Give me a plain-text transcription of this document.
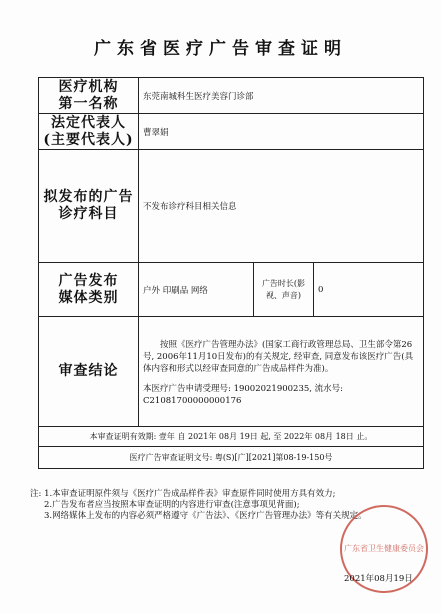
广东省医疗广告审查证明
医疗机构
第一名称	东莞南城科生医疗美容门诊部		

法定代表人
(主要代表人)	曹翠娟		

拟发布的广告
诊疗科目	不发布诊疗科目相关信息		

广告发布
媒体类别	户外 印刷品 网络	广告时长(影视、声音)	0
审查结论	按照《医疗广告管理办法》(国家工商行政管理总局、卫生部令第26号, 2006年11月10日发布)的有关规定, 经审查, 同意发布该医疗广告(具体内容和形式以经审查同意的广告成品样件为准)。
本医疗广告申请受理号: 19002021900235, 流水号: C21081700000000176		

本审查证明有效期: 壹年 自 2021年 08月 19日 起, 至 2022年 08月 18日 止。			
医疗广告审查证明文号: 粤(S)[广][2021]第08-19-150号			
注: 1.本审查证明原件须与《医疗广告成品样件表》审查原件同时使用方具有效力;
2.广告发布者应当按照本审查证明的内容进行审查(注意事项见背面);
3.网络媒体上发布的内容必须严格遵守《广告法》、《医疗广告管理办法》等有关规定。
广东省卫生健康委员会
2021年08月19日
